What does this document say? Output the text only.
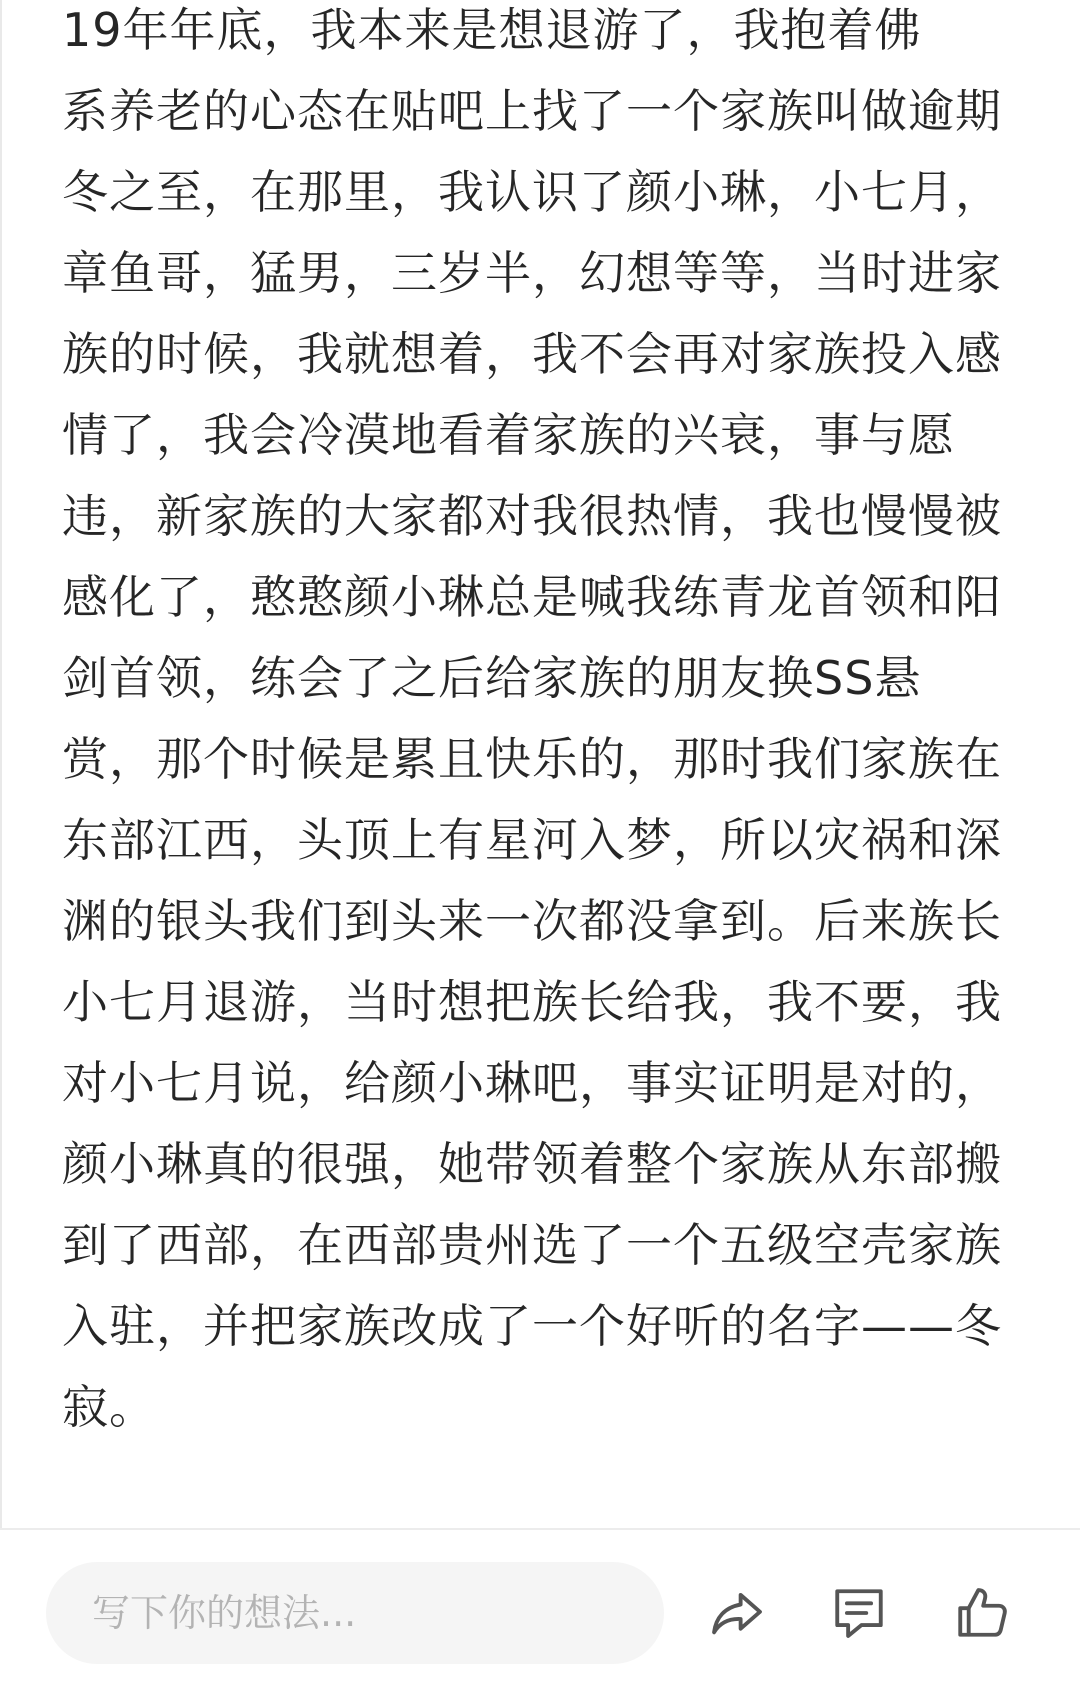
19年年底，我本来是想退游了，我抱着佛
系养老的心态在贴吧上找了一个家族叫做逾期
冬之至，在那里，我认识了颜小琳，小七月，
章鱼哥，猛男，三岁半，幻想等等，当时进家
族的时候，我就想着，我不会再对家族投入感
情了，我会冷漠地看着家族的兴衰，事与愿
违，新家族的大家都对我很热情，我也慢慢被
感化了，憨憨颜小琳总是喊我练青龙首领和阳
剑首领，练会了之后给家族的朋友换SS悬
赏，那个时候是累且快乐的，那时我们家族在
东部江西，头顶上有星河入梦，所以灾祸和深
渊的银头我们到头来一次都没拿到。后来族长
小七月退游，当时想把族长给我，我不要，我
对小七月说，给颜小琳吧，事实证明是对的，
颜小琳真的很强，她带领着整个家族从东部搬
到了西部，在西部贵州选了一个五级空壳家族
入驻，并把家族改成了一个好听的名字——冬
寂。
写下你的想法...
